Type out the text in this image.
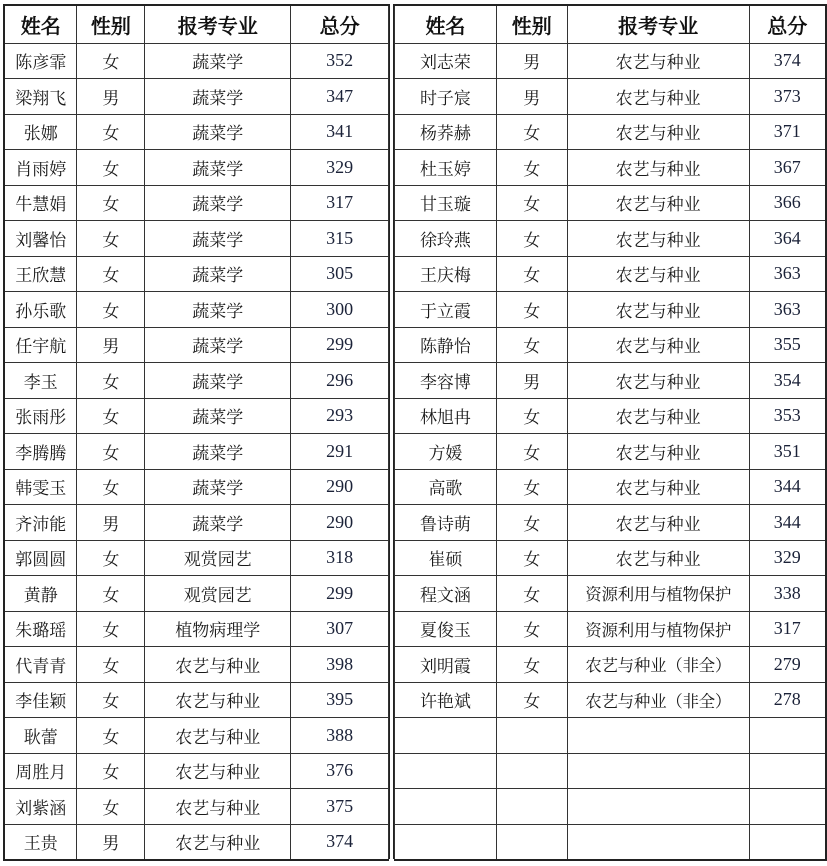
姓名	性别	报考专业	总分
陈彦霏	女	蔬菜学	352
梁翔飞	男	蔬菜学	347
张娜	女	蔬菜学	341
肖雨婷	女	蔬菜学	329
牛慧娟	女	蔬菜学	317
刘馨怡	女	蔬菜学	315
王欣慧	女	蔬菜学	305
孙乐歌	女	蔬菜学	300
任宇航	男	蔬菜学	299
李玉	女	蔬菜学	296
张雨彤	女	蔬菜学	293
李腾腾	女	蔬菜学	291
韩雯玉	女	蔬菜学	290
齐沛能	男	蔬菜学	290
郭圆圆	女	观赏园艺	318
黄静	女	观赏园艺	299
朱璐瑶	女	植物病理学	307
代青青	女	农艺与种业	398
李佳颖	女	农艺与种业	395
耿蕾	女	农艺与种业	388
周胜月	女	农艺与种业	376
刘紫涵	女	农艺与种业	375
王贵	男	农艺与种业	374
姓名	性别	报考专业	总分
刘志荣	男	农艺与种业	374
时子宸	男	农艺与种业	373
杨荞赫	女	农艺与种业	371
杜玉婷	女	农艺与种业	367
甘玉璇	女	农艺与种业	366
徐玲燕	女	农艺与种业	364
王庆梅	女	农艺与种业	363
于立霞	女	农艺与种业	363
陈静怡	女	农艺与种业	355
李容博	男	农艺与种业	354
林旭冉	女	农艺与种业	353
方媛	女	农艺与种业	351
高歌	女	农艺与种业	344
鲁诗萌	女	农艺与种业	344
崔硕	女	农艺与种业	329
程文涵	女	资源利用与植物保护	338
夏俊玉	女	资源利用与植物保护	317
刘明霞	女	农艺与种业（非全）	279
许艳斌	女	农艺与种业（非全）	278
